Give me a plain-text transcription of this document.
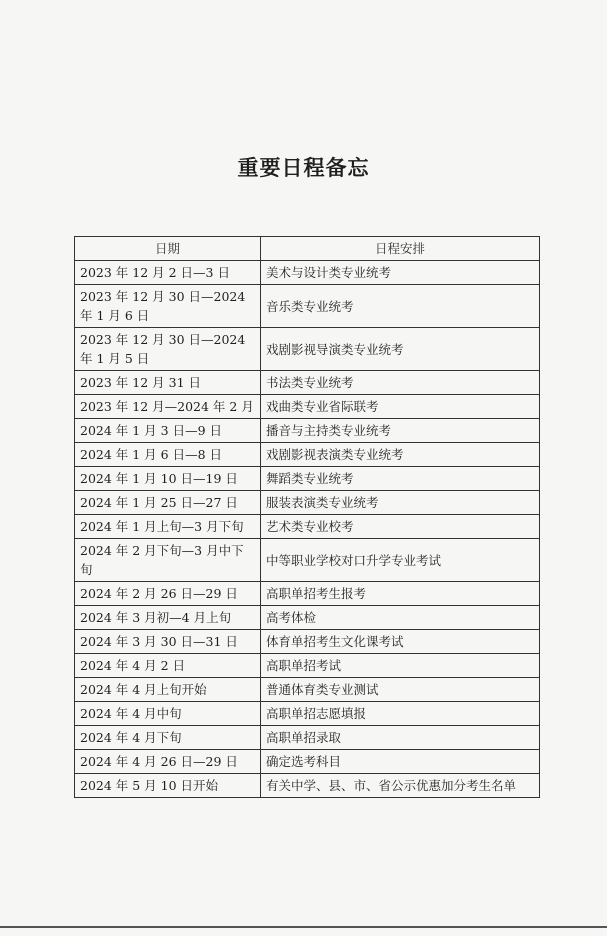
重要日程备忘
日期	日程安排
2023 年 12 月 2 日—3 日	美术与设计类专业统考
2023 年 12 月 30 日—2024 年 1 月 6 日	音乐类专业统考
2023 年 12 月 30 日—2024 年 1 月 5 日	戏剧影视导演类专业统考
2023 年 12 月 31 日	书法类专业统考
2023 年 12 月—2024 年 2 月	戏曲类专业省际联考
2024 年 1 月 3 日—9 日	播音与主持类专业统考
2024 年 1 月 6 日—8 日	戏剧影视表演类专业统考
2024 年 1 月 10 日—19 日	舞蹈类专业统考
2024 年 1 月 25 日—27 日	服装表演类专业统考
2024 年 1 月上旬—3 月下旬	艺术类专业校考
2024 年 2 月下旬—3 月中下旬	中等职业学校对口升学专业考试
2024 年 2 月 26 日—29 日	高职单招考生报考
2024 年 3 月初—4 月上旬	高考体检
2024 年 3 月 30 日—31 日	体育单招考生文化课考试
2024 年 4 月 2 日	高职单招考试
2024 年 4 月上旬开始	普通体育类专业测试
2024 年 4 月中旬	高职单招志愿填报
2024 年 4 月下旬	高职单招录取
2024 年 4 月 26 日—29 日	确定选考科目
2024 年 5 月 10 日开始	有关中学、县、市、省公示优惠加分考生名单
